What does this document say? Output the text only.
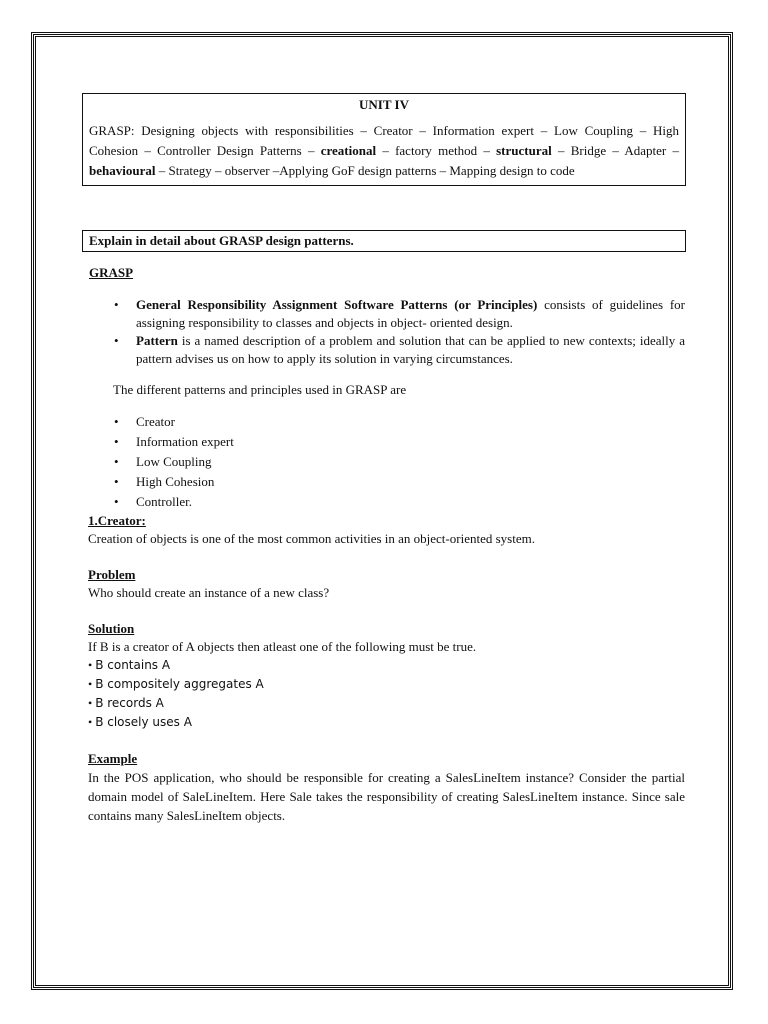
UNIT IV

GRASP: Designing objects with responsibilities – Creator – Information expert – Low Coupling – High Cohesion – Controller Design Patterns – creational – factory method – structural – Bridge – Adapter – behavioural – Strategy – observer –Applying GoF design patterns – Mapping design to code

Explain in detail about GRASP design patterns.

GRASP

• General Responsibility Assignment Software Patterns (or Principles) consists of guidelines for assigning responsibility to classes and objects in object- oriented design.
• Pattern is a named description of a problem and solution that can be applied to new contexts; ideally a pattern advises us on how to apply its solution in varying circumstances.

The different patterns and principles used in GRASP are

• Creator
• Information expert
• Low Coupling
• High Cohesion
• Controller.

1.Creator:

Creation of objects is one of the most common activities in an object-oriented system.

Problem

Who should create an instance of a new class?

Solution

If B is a creator of A objects then atleast one of the following must be true.

• B contains A

• B compositely aggregates A

• B records A

• B closely uses A

Example

In the POS application, who should be responsible for creating a SalesLineItem instance? Consider the partial domain model of SaleLineItem. Here Sale takes the responsibility of creating SalesLineItem instance. Since sale contains many SalesLineItem objects.
